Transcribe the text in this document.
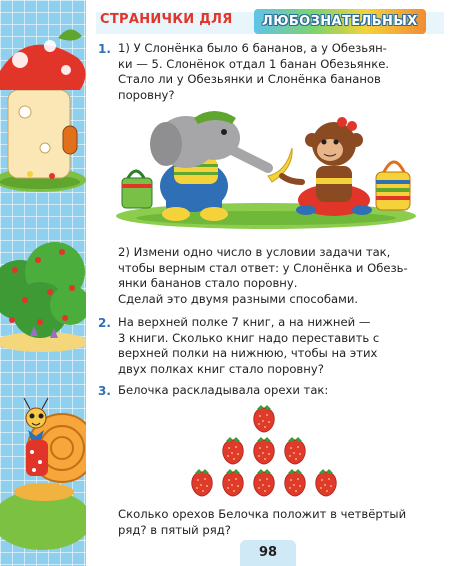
СТРАНИЧКИ ДЛЯ	ЛЮБОЗНАТЕЛЬНЫХ
1. 1) У Слонёнка было 6 бананов, а у Обезьян-
ки — 5. Слонёнок отдал 1 банан Обезьянке.
Стало ли у Обезьянки и Слонёнка бананов
поровну?
2) Измени одно число в условии задачи так,
чтобы верным стал ответ: у Слонёнка и Обезь-
янки бананов стало поровну.
Сделай это двумя разными способами.
2. На верхней полке 7 книг, а на нижней —
3 книги. Сколько книг надо переставить с
верхней полки на нижнюю, чтобы на этих
двух полках книг стало поровну?
3. Белочка раскладывала орехи так:
Сколько орехов Белочка положит в четвёртый
ряд? в пятый ряд?
98
